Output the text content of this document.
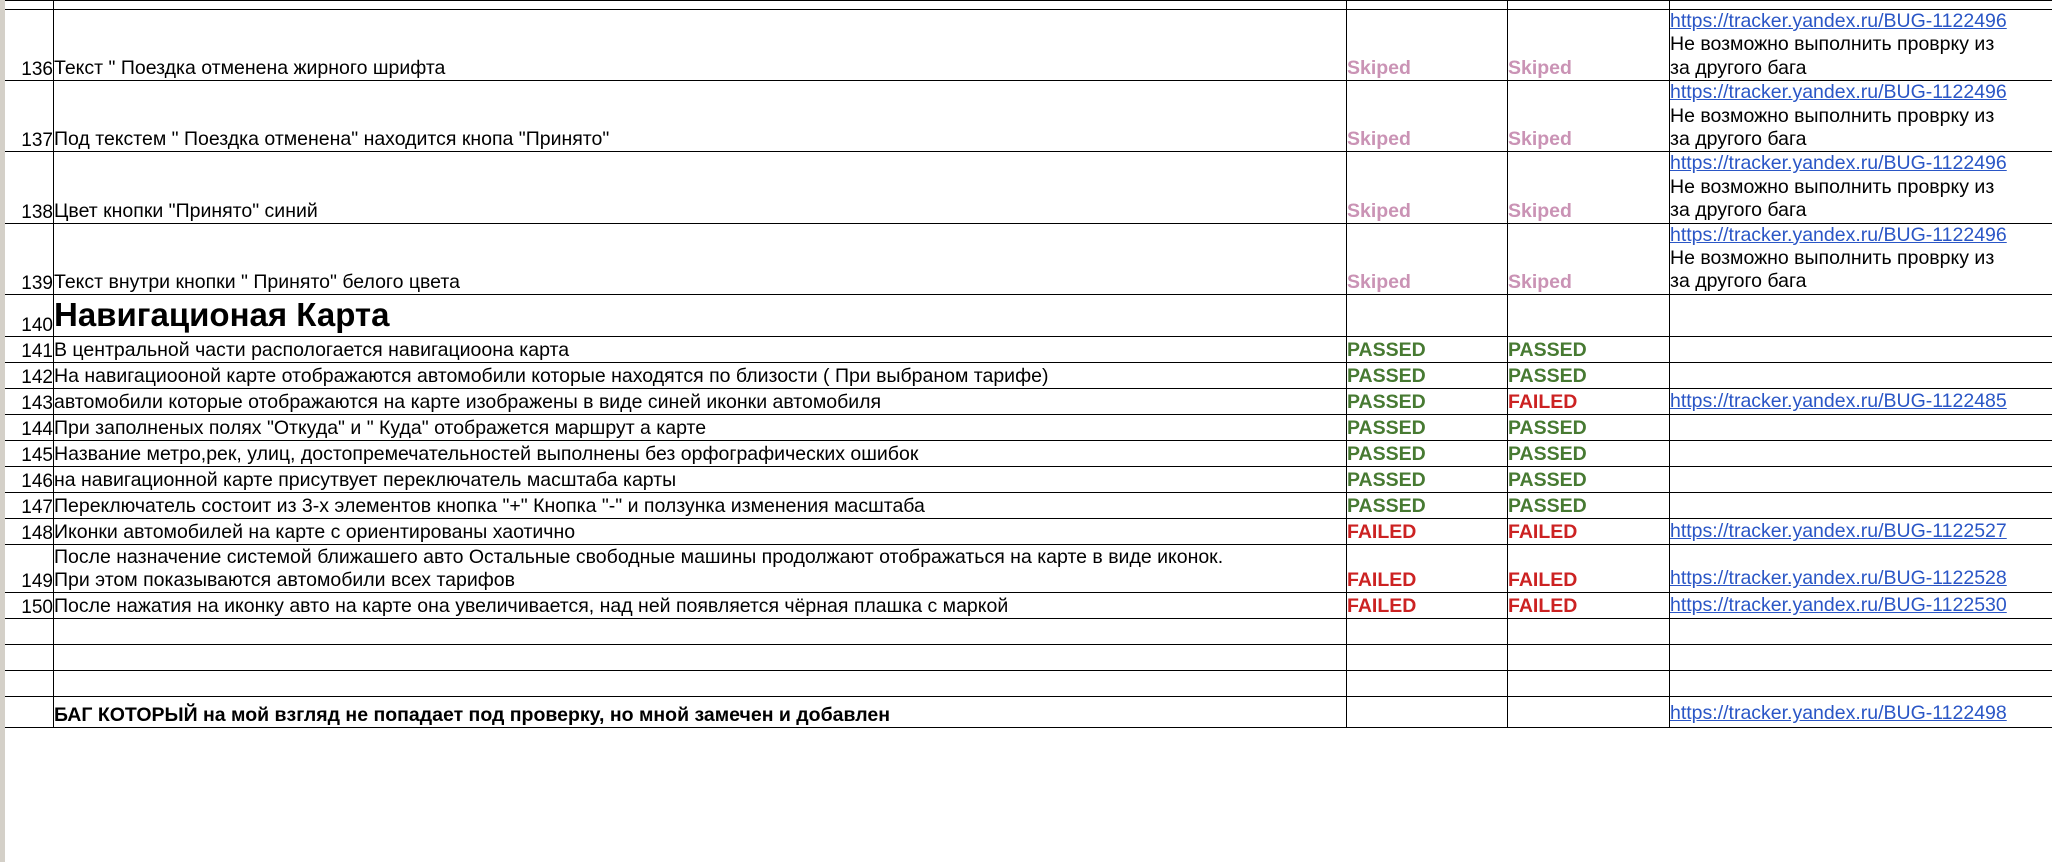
136	Текст " Поездка отменена жирного шрифта	Skiped	Skiped	https://tracker.yandex.ru/BUG-1122496
Не возможно выполнить проврку из
за другого бага

137	Под текстем " Поездка отменена" находится кнопа "Принято"	Skiped	Skiped	https://tracker.yandex.ru/BUG-1122496
Не возможно выполнить проврку из
за другого бага

138	Цвет кнопки "Принято" синий	Skiped	Skiped	https://tracker.yandex.ru/BUG-1122496
Не возможно выполнить проврку из
за другого бага

139	Текст внутри кнопки " Принято" белого цвета	Skiped	Skiped	https://tracker.yandex.ru/BUG-1122496
Не возможно выполнить проврку из
за другого бага

140	Навигационая Карта			
141	В центральной части распологается навигациоона карта	PASSED	PASSED	
142	На навигациооной карте отображаются автомобили которые находятся по близости ( При выбраном тарифе)	PASSED	PASSED	
143	автомобили которые отображаются на карте изображены в виде синей иконки автомобиля	PASSED	FAILED	https://tracker.yandex.ru/BUG-1122485

144	При заполненых полях "Откуда" и " Куда" отображется маршрут а карте	PASSED	PASSED	
145	Название метро,рек, улиц, достопремечательностей выполнены без орфографических ошибок	PASSED	PASSED	
146	на навигационной карте присутвует переключатель масштаба карты	PASSED	PASSED	
147	Переключатель состоит из 3-х элементов кнопка "+" Кнопка "-" и ползунка изменения масштаба	PASSED	PASSED	
148	Иконки автомобилей на карте с ориентированы хаотично	FAILED	FAILED	https://tracker.yandex.ru/BUG-1122527

149	После назначение системой ближашего авто Остальные свободные машины продолжают отображаться на карте в виде иконок.
При этом показываются автомобили всех тарифов	FAILED	FAILED	https://tracker.yandex.ru/BUG-1122528

150	После нажатия на иконку авто на карте она увеличивается, над ней появляется чёрная плашка с маркой	FAILED	FAILED	https://tracker.yandex.ru/BUG-1122530

	БАГ КОТОРЫЙ на мой взгляд не попадает под проверку, но мной замечен и добавлен			https://tracker.yandex.ru/BUG-1122498
